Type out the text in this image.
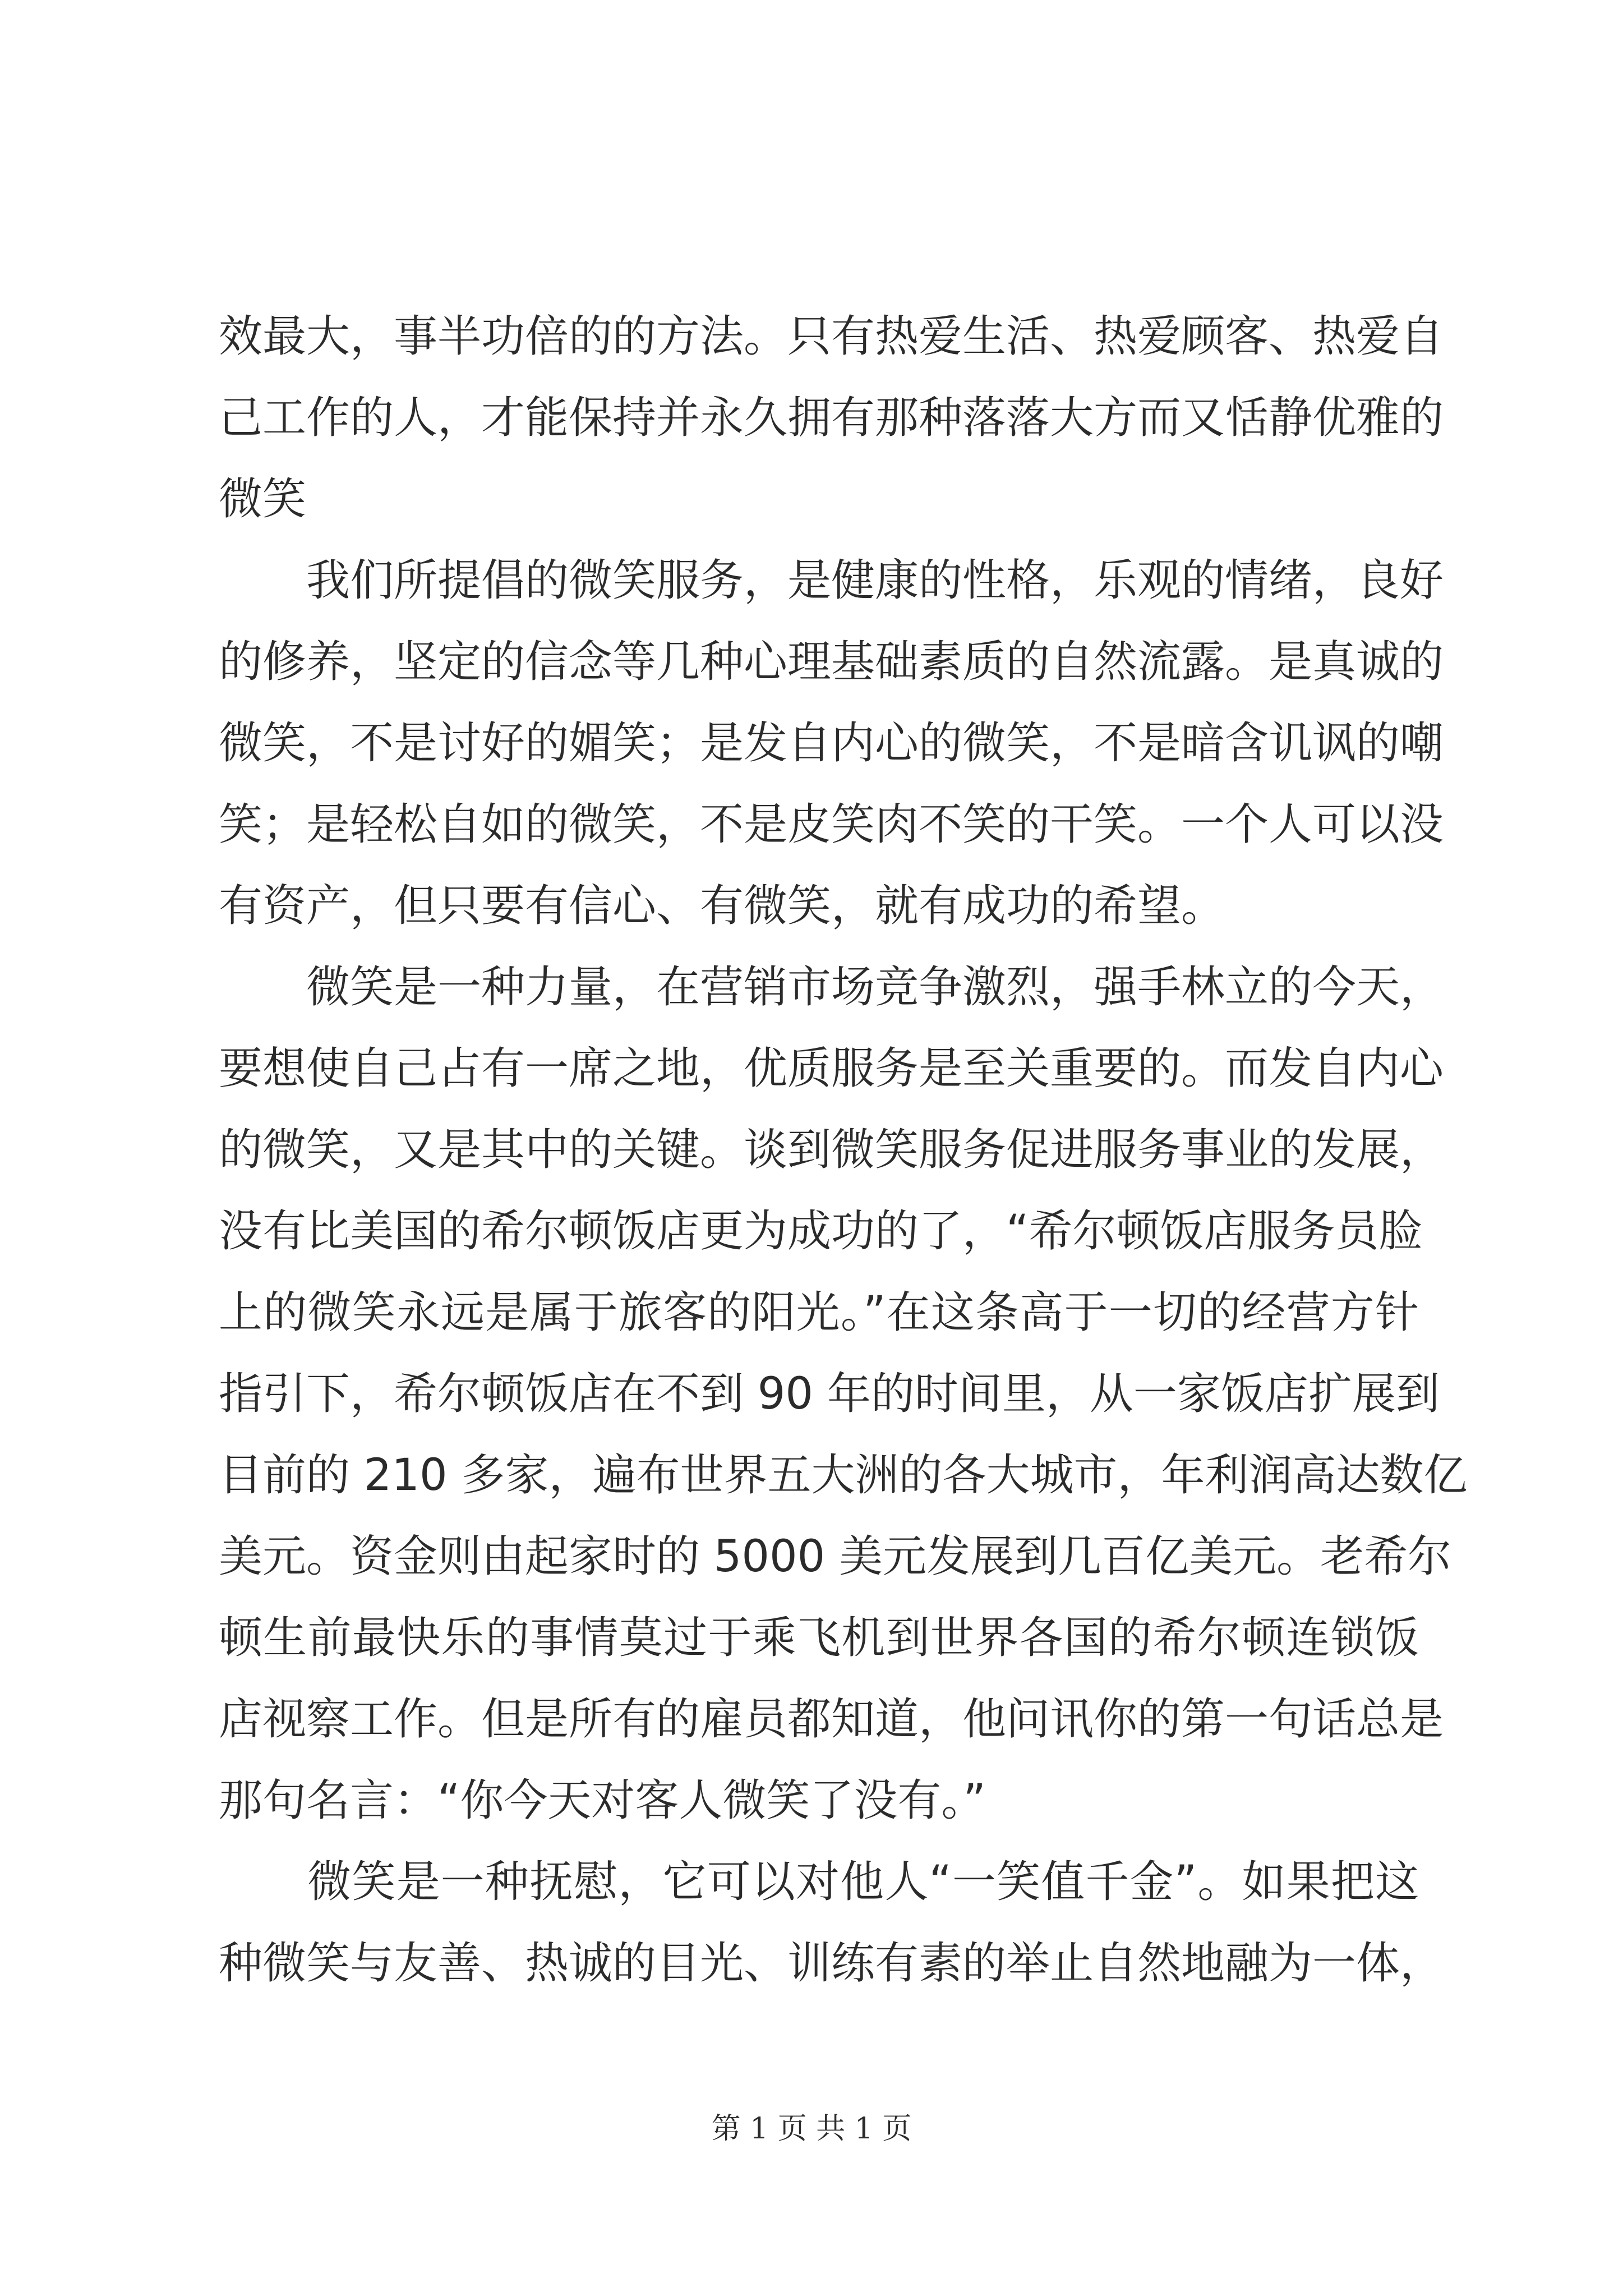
效最大，事半功倍的的方法。只有热爱生活、热爱顾客、热爱自
己工作的人，才能保持并永久拥有那种落落大方而又恬静优雅的
微笑
　　我们所提倡的微笑服务，是健康的性格，乐观的情绪，良好
的修养，坚定的信念等几种心理基础素质的自然流露。是真诚的
微笑，不是讨好的媚笑；是发自内心的微笑，不是暗含讥讽的嘲
笑；是轻松自如的微笑，不是皮笑肉不笑的干笑。一个人可以没
有资产，但只要有信心、有微笑，就有成功的希望。
　　微笑是一种力量，在营销市场竞争激烈，强手林立的今天，
要想使自己占有一席之地，优质服务是至关重要的。而发自内心
的微笑，又是其中的关键。谈到微笑服务促进服务事业的发展，
没有比美国的希尔顿饭店更为成功的了，“希尔顿饭店服务员脸
上的微笑永远是属于旅客的阳光。”在这条高于一切的经营方针
指引下，希尔顿饭店在不到 90 年的时间里，从一家饭店扩展到
目前的 210 多家，遍布世界五大洲的各大城市，年利润高达数亿
美元。资金则由起家时的 5000 美元发展到几百亿美元。老希尔
顿生前最快乐的事情莫过于乘飞机到世界各国的希尔顿连锁饭
店视察工作。但是所有的雇员都知道，他问讯你的第一句话总是
那句名言：“你今天对客人微笑了没有。”
　　微笑是一种抚慰，它可以对他人“一笑值千金”。如果把这
种微笑与友善、热诚的目光、训练有素的举止自然地融为一体，
第 1 页 共 1 页
